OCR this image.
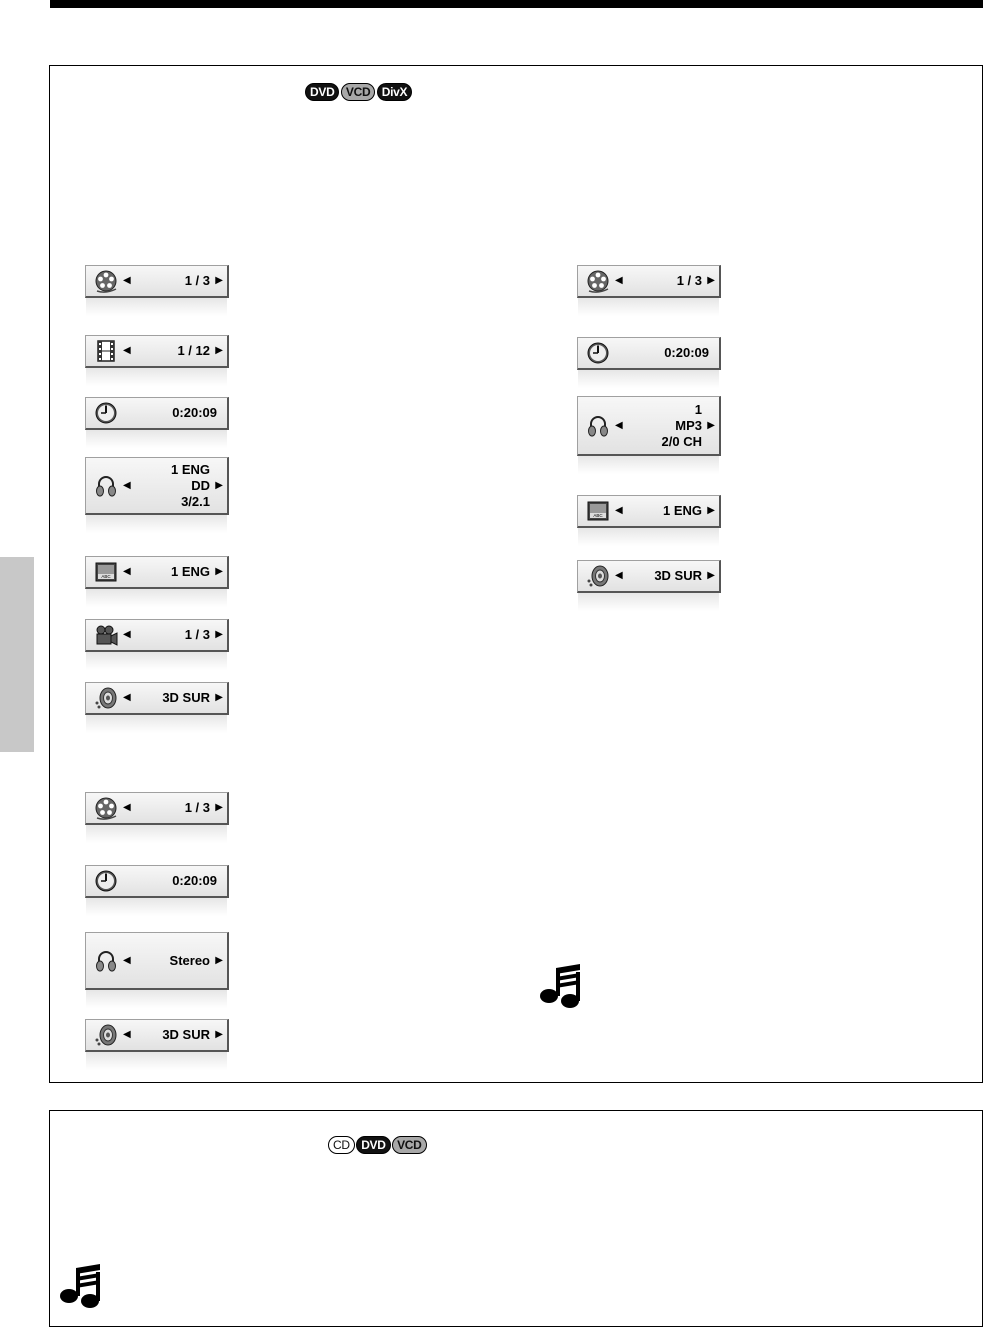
DVD VCD DivX
CD DVD VCD
◀	▶
1 / 3
◀	▶
1 / 12
0:20:09
◀	▶
1 ENG
DD
3/2.1
ABC ◀	▶
1 ENG
◀	▶
1 / 3
◀	▶
3D SUR
◀	▶
1 / 3
0:20:09
◀	▶
Stereo
◀	▶
3D SUR
◀	▶
1 / 3
0:20:09
◀	▶
1
MP3
2/0 CH
ABC ◀	▶
1 ENG
◀	▶
3D SUR
